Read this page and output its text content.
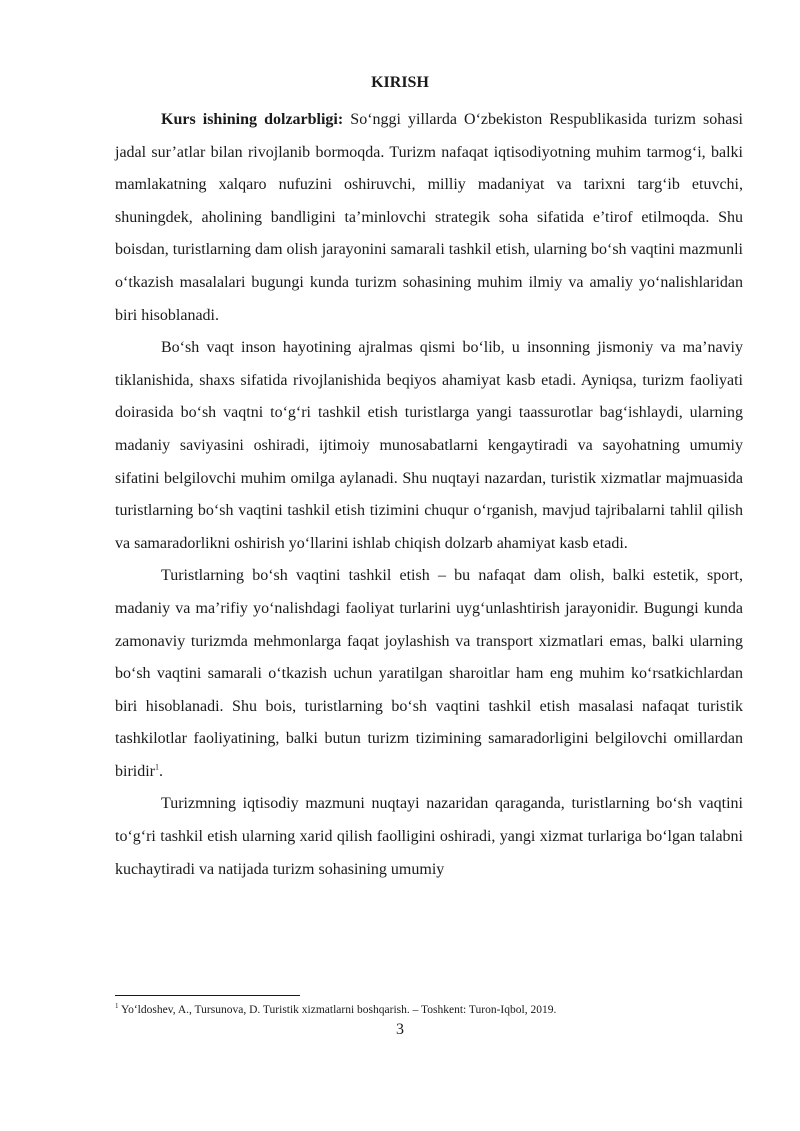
KIRISH

Kurs ishining dolzarbligi: So‘nggi yillarda O‘zbekiston Respublikasida turizm sohasi jadal sur’atlar bilan rivojlanib bormoqda. Turizm nafaqat iqtisodiyotning muhim tarmog‘i, balki mamlakatning xalqaro nufuzini oshiruvchi, milliy madaniyat va tarixni targ‘ib etuvchi, shuningdek, aholining bandligini ta’minlovchi strategik soha sifatida e’tirof etilmoqda. Shu boisdan, turistlarning dam olish jarayonini samarali tashkil etish, ularning bo‘sh vaqtini mazmunli o‘tkazish masalalari bugungi kunda turizm sohasining muhim ilmiy va amaliy yo‘nalishlaridan biri hisoblanadi.

Bo‘sh vaqt inson hayotining ajralmas qismi bo‘lib, u insonning jismoniy va ma’naviy tiklanishida, shaxs sifatida rivojlanishida beqiyos ahamiyat kasb etadi. Ayniqsa, turizm faoliyati doirasida bo‘sh vaqtni to‘g‘ri tashkil etish turistlarga yangi taassurotlar bag‘ishlaydi, ularning madaniy saviyasini oshiradi, ijtimoiy munosabatlarni kengaytiradi va sayohatning umumiy sifatini belgilovchi muhim omilga aylanadi. Shu nuqtayi nazardan, turistik xizmatlar majmuasida turistlarning bo‘sh vaqtini tashkil etish tizimini chuqur o‘rganish, mavjud tajribalarni tahlil qilish va samaradorlikni oshirish yo‘llarini ishlab chiqish dolzarb ahamiyat kasb etadi.

Turistlarning bo‘sh vaqtini tashkil etish – bu nafaqat dam olish, balki estetik, sport, madaniy va ma’rifiy yo‘nalishdagi faoliyat turlarini uyg‘unlashtirish jarayonidir. Bugungi kunda zamonaviy turizmda mehmonlarga faqat joylashish va transport xizmatlari emas, balki ularning bo‘sh vaqtini samarali o‘tkazish uchun yaratilgan sharoitlar ham eng muhim ko‘rsatkichlardan biri hisoblanadi. Shu bois, turistlarning bo‘sh vaqtini tashkil etish masalasi nafaqat turistik tashkilotlar faoliyatining, balki butun turizm tizimining samaradorligini belgilovchi omillardan biridir$^1$.

Turizmning iqtisodiy mazmuni nuqtayi nazaridan qaraganda, turistlarning bo‘sh vaqtini to‘g‘ri tashkil etish ularning xarid qilish faolligini oshiradi, yangi xizmat turlariga bo‘lgan talabni kuchaytiradi va natijada turizm sohasining umumiy

$^1$ Yo‘ldoshev, A., Tursunova, D. Turistik xizmatlarni boshqarish. – Toshkent: Turon-Iqbol, 2019.
3
